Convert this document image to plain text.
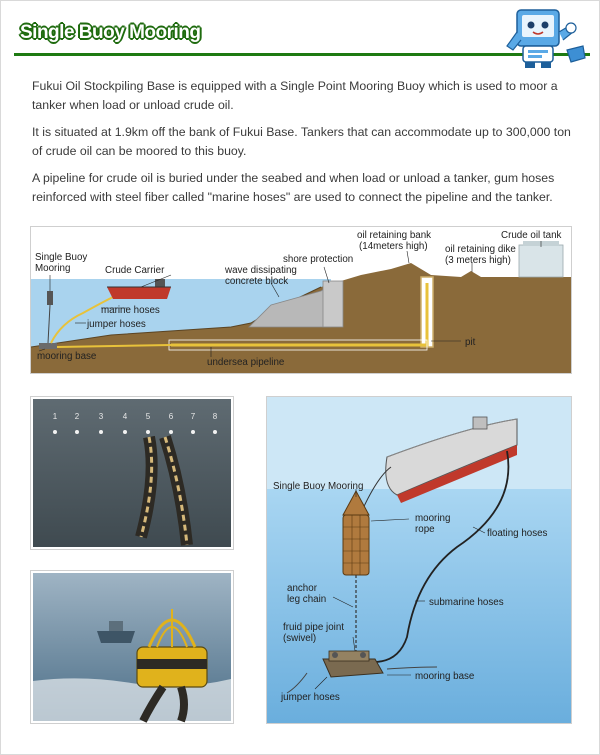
Single Buoy Mooring

Fukui Oil Stockpiling Base is equipped with a Single Point Mooring Buoy which is used to moor a tanker when load or unload crude oil.

It is situated at 1.9km off the bank of Fukui Base. Tankers that can accommodate up to 300,000 ton of crude oil can be moored to this buoy.

A pipeline for crude oil is buried under the seabed and when load or unload a tanker, gum hoses reinforced with steel fiber called "marine hoses" are used to connect the pipeline and the tanker.

Single Buoy
Mooring	Crude Carrier
marine hoses
jumper hoses
mooring base
undersea pipeline
wave dissipating
concrete block
shore protection
oil retaining bank
(14meters high) oil retaining dike
(3 meters high)
Crude oil tank
pit
1 2 3 4 5 6 7 8
Single Buoy Mooring
mooring
rope	floating hoses
anchor
leg chain	submarine hoses
fruid pipe joint
(swivel)
mooring base
jumper hoses
